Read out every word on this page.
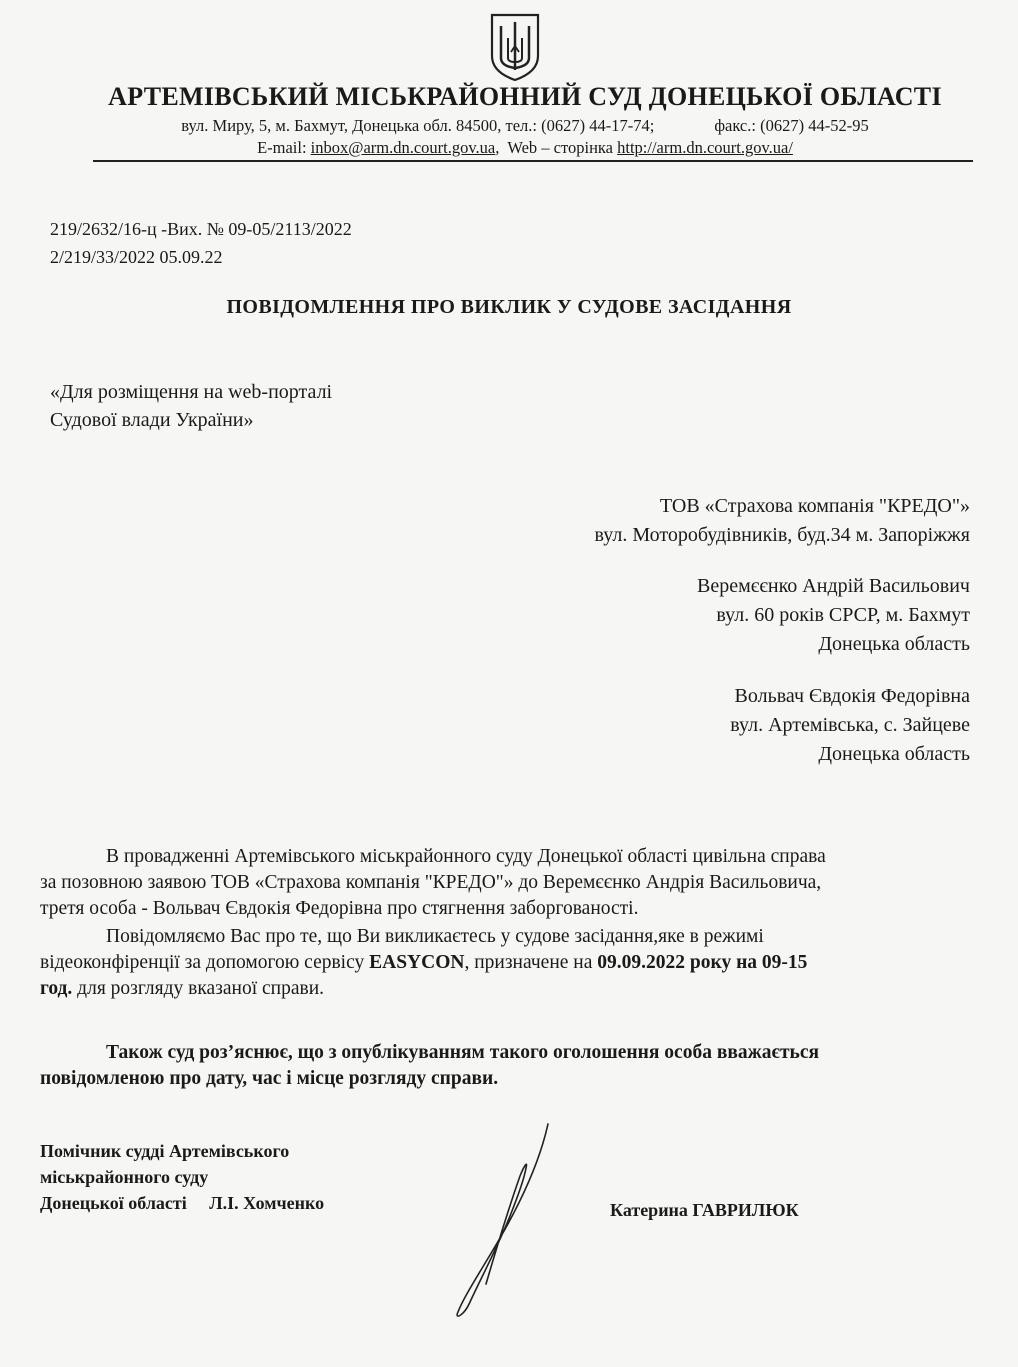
АРТЕМІВСЬКИЙ МІСЬКРАЙОННИЙ СУД ДОНЕЦЬКОЇ ОБЛАСТІ
вул. Миру, 5, м. Бахмут, Донецька обл. 84500, тел.: (0627) 44-17-74;	факс.: (0627) 44-52-95
E-mail: inbox@arm.dn.court.gov.ua,  Web – сторінка http://arm.dn.court.gov.ua/
219/2632/16-ц -Вих. № 09-05/2113/2022
2/219/33/2022 05.09.22
ПОВІДОМЛЕННЯ ПРО ВИКЛИК У СУДОВЕ ЗАСІДАННЯ
«Для розміщення на web-порталі
Судової влади України»
ТОВ «Страхова компанія "КРЕДО"»
вул. Моторобудівників, буд.34 м. Запоріжжя
Веремєєнко Андрій Васильович
вул. 60 років СРСР, м. Бахмут
Донецька область
Вольвач Євдокія Федорівна
вул. Артемівська, с. Зайцеве
Донецька область
В провадженні Артемівського міськрайонного суду Донецької області цивільна справа
за позовною заявою ТОВ «Страхова компанія "КРЕДО"» до Веремєєнко Андрія Васильовича,
третя особа - Вольвач Євдокія Федорівна про стягнення заборгованості.
Повідомляємо Вас про те, що Ви викликаєтесь у судове засідання,яке в режимі
відеоконфіренції за допомогою сервісу EASYCON, призначене на 09.09.2022 року на 09-15
год. для розгляду вказаної справи.
Також суд роз’яснює, що з опублікуванням такого оголошення особа вважається
повідомленою про дату, час і місце розгляду справи.
Помічник судді Артемівського
міськрайонного суду
Донецької області     Л.І. Хомченко	Катерина ГАВРИЛЮК
